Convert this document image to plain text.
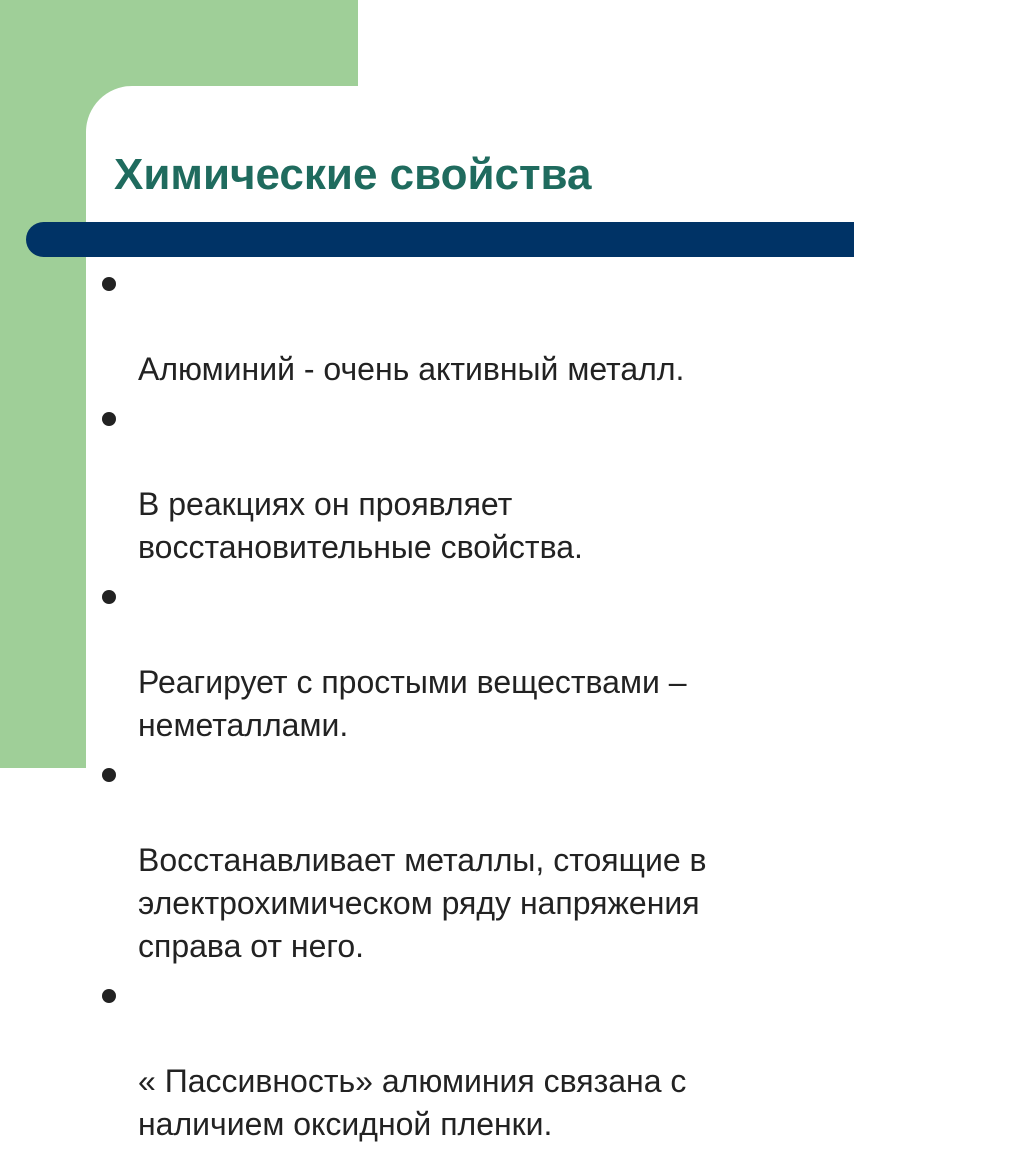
Химические свойства

Алюминий - очень активный металл.

В реакциях он проявляет
восстановительные свойства.

Реагирует с простыми веществами –
неметаллами.

Восстанавливает металлы, стоящие в
электрохимическом ряду напряжения
справа от него.

« Пассивность» алюминия связана с
наличием оксидной пленки.
